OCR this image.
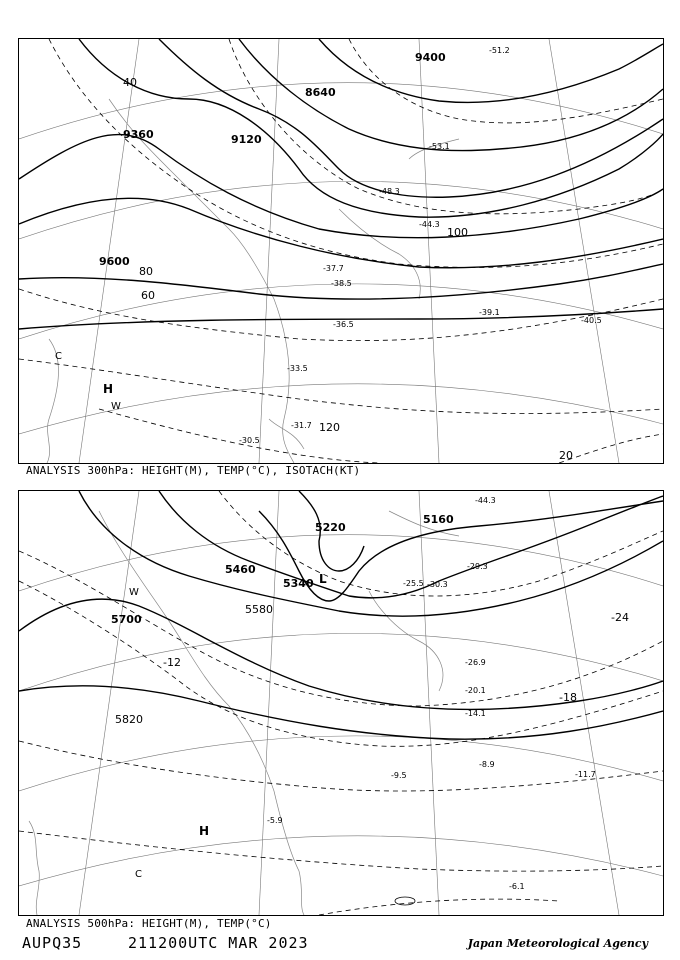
9360	9120
9600
8640
9400
20
40
60
80
100
120
-30.5
-31.7
-33.5
-36.5
-37.7
-38.5
-39.1
-40.5
-44.3
-48.3
-51.2
-53.1
H
W
C
ANALYSIS 300hPa: HEIGHT(M), TEMP(°C), ISOTACH(KT)
5700
5820
5580
5160
5220
5340
5460
-12
-18
-24
-5.9
-6.1
-8.9
-9.5	-11.7
-14.1
-20.1
-25.5
-26.9
-29.3
-30.3
-44.3
H
L
W
C
ANALYSIS 500hPa: HEIGHT(M), TEMP(°C)
AUPQ35	211200UTC MAR 2023	Japan Meteorological Agency
